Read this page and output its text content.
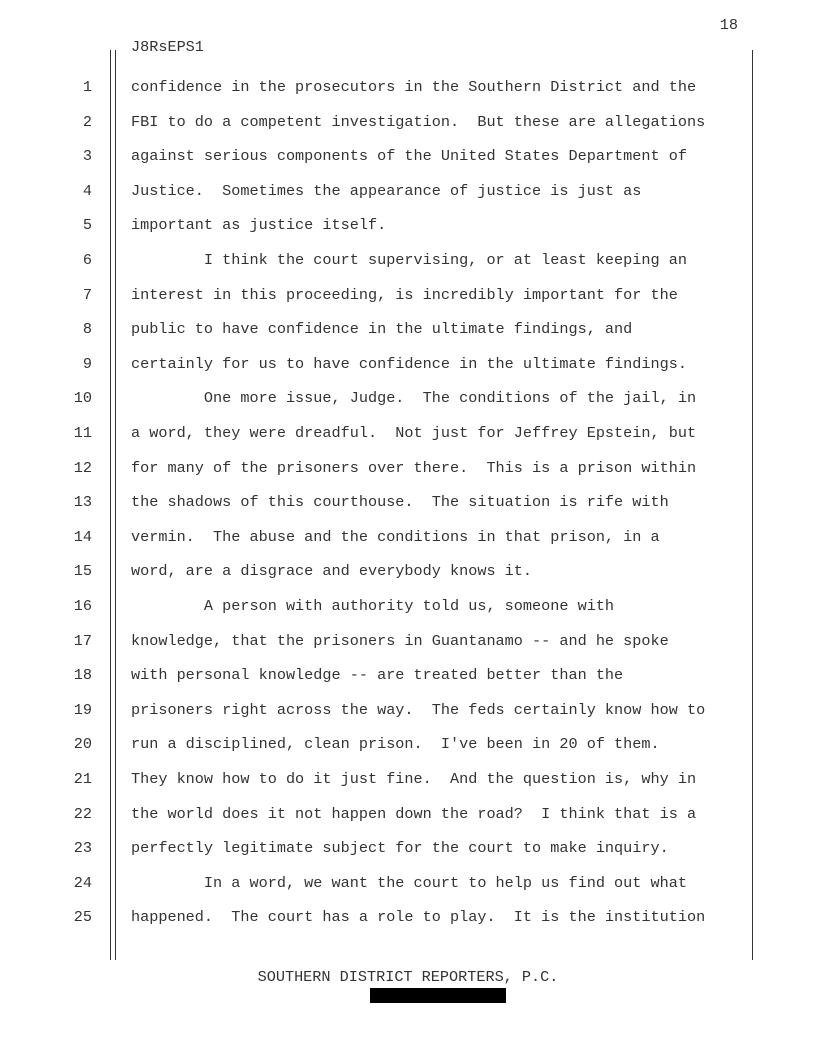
18
J8RsEPS1
1	confidence in the prosecutors in the Southern District and the
2	FBI to do a competent investigation.  But these are allegations
3	against serious components of the United States Department of
4	Justice.  Sometimes the appearance of justice is just as
5	important as justice itself.
6	I think the court supervising, or at least keeping an
7	interest in this proceeding, is incredibly important for the
8	public to have confidence in the ultimate findings, and
9	certainly for us to have confidence in the ultimate findings.
10	One more issue, Judge.  The conditions of the jail, in
11	a word, they were dreadful.  Not just for Jeffrey Epstein, but
12	for many of the prisoners over there.  This is a prison within
13	the shadows of this courthouse.  The situation is rife with
14	vermin.  The abuse and the conditions in that prison, in a
15	word, are a disgrace and everybody knows it.
16	A person with authority told us, someone with
17	knowledge, that the prisoners in Guantanamo -- and he spoke
18	with personal knowledge -- are treated better than the
19	prisoners right across the way.  The feds certainly know how to
20	run a disciplined, clean prison.  I've been in 20 of them.
21	They know how to do it just fine.  And the question is, why in
22	the world does it not happen down the road?  I think that is a
23	perfectly legitimate subject for the court to make inquiry.
24	In a word, we want the court to help us find out what
25	happened.  The court has a role to play.  It is the institution
SOUTHERN DISTRICT REPORTERS, P.C.
